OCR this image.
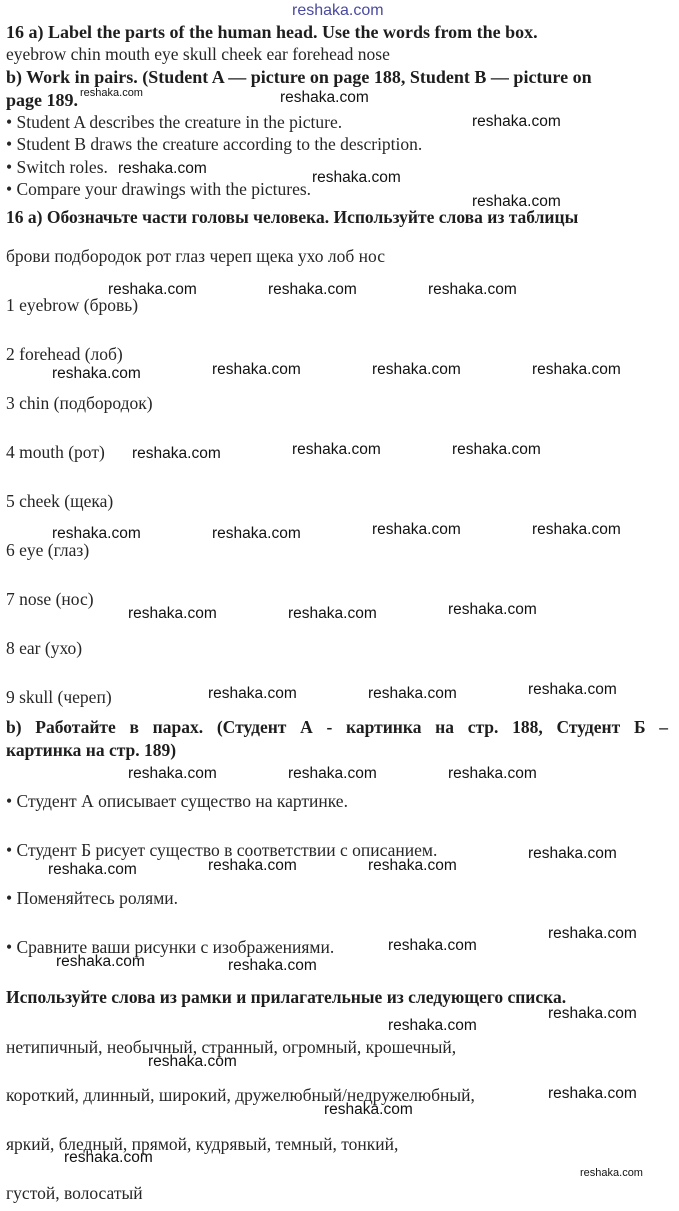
reshaka.com
16 a) Label the parts of the human head. Use the words from the box.
eyebrow chin mouth eye skull cheek ear forehead nose
b) Work in pairs. (Student A — picture on page 188, Student B — picture on
page 189.
• Student A describes the creature in the picture.
• Student B draws the creature according to the description.
• Switch roles.
• Compare your drawings with the pictures.
16 а) Обозначьте части головы человека. Используйте слова из таблицы
брови подбородок рот глаз череп щека ухо лоб нос
1 eyebrow (бровь)
2 forehead (лоб)
3 chin (подбородок)
4 mouth (рот)
5 cheek (щека)
6 eye (глаз)
7 nose (нос)
8 ear (ухо)
9 skull (череп)
b) Работайте в парах. (Студент А - картинка на стр. 188, Студент Б –
картинка на стр. 189)
• Студент А описывает существо на картинке.
• Студент Б рисует существо в соответствии с описанием.
• Поменяйтесь ролями.
• Сравните ваши рисунки с изображениями.
Используйте слова из рамки и прилагательные из следующего списка.
нетипичный, необычный, странный, огромный, крошечный,
короткий, длинный, широкий, дружелюбный/недружелюбный,
яркий, бледный, прямой, кудрявый, темный, тонкий,
густой, волосатый
reshaka.com	reshaka.com
reshaka.com
reshaka.com
reshaka.com
reshaka.com
reshaka.com	reshaka.com	reshaka.com
reshaka.com	reshaka.com	reshaka.com	reshaka.com
reshaka.com	reshaka.com	reshaka.com
reshaka.com	reshaka.com	reshaka.com	reshaka.com
reshaka.com	reshaka.com	reshaka.com
reshaka.com	reshaka.com	reshaka.com
reshaka.com	reshaka.com	reshaka.com
reshaka.com	reshaka.com	reshaka.com
reshaka.com
reshaka.com
reshaka.com
reshaka.com	reshaka.com
reshaka.com
reshaka.com
reshaka.com
reshaka.com
reshaka.com
reshaka.com
reshaka.com
